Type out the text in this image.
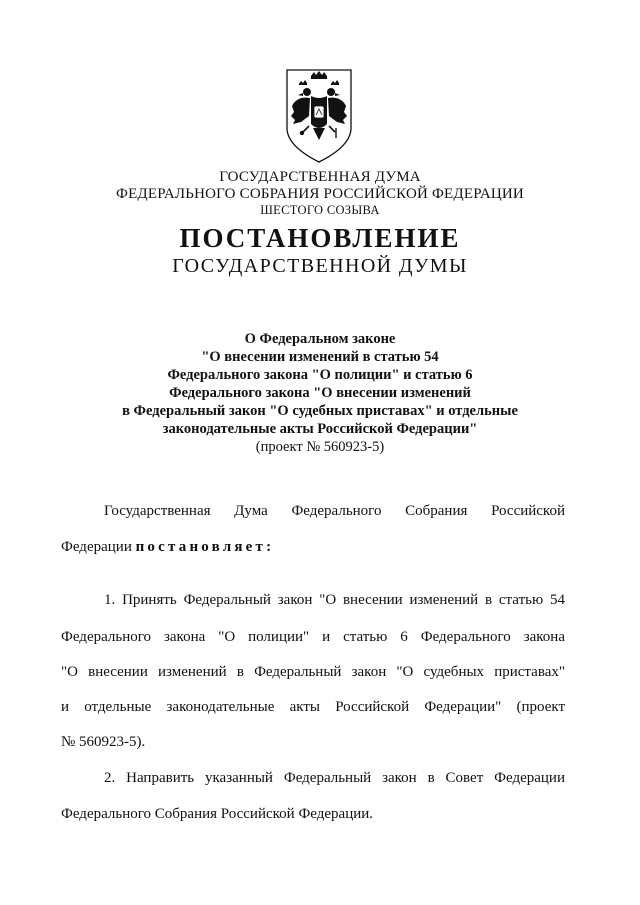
ГОСУДАРСТВЕННАЯ ДУМА
ФЕДЕРАЛЬНОГО СОБРАНИЯ РОССИЙСКОЙ ФЕДЕРАЦИИ
ШЕСТОГО СОЗЫВА
ПОСТАНОВЛЕНИЕ
ГОСУДАРСТВЕННОЙ ДУМЫ
О Федеральном законе
"О внесении изменений в статью 54
Федерального закона "О полиции" и статью 6
Федерального закона "О внесении изменений
в Федеральный закон "О судебных приставах" и отдельные
законодательные акты Российской Федерации"
(проект № 560923-5)
Государственная Дума Федерального Собрания Российской
Федерации постановляет:
1. Принять Федеральный закон "О внесении изменений в статью 54
Федерального закона "О полиции" и статью 6 Федерального закона
"О внесении изменений в Федеральный закон "О судебных приставах"
и отдельные законодательные акты Российской Федерации" (проект
№ 560923-5).
2. Направить указанный Федеральный закон в Совет Федерации
Федерального Собрания Российской Федерации.
